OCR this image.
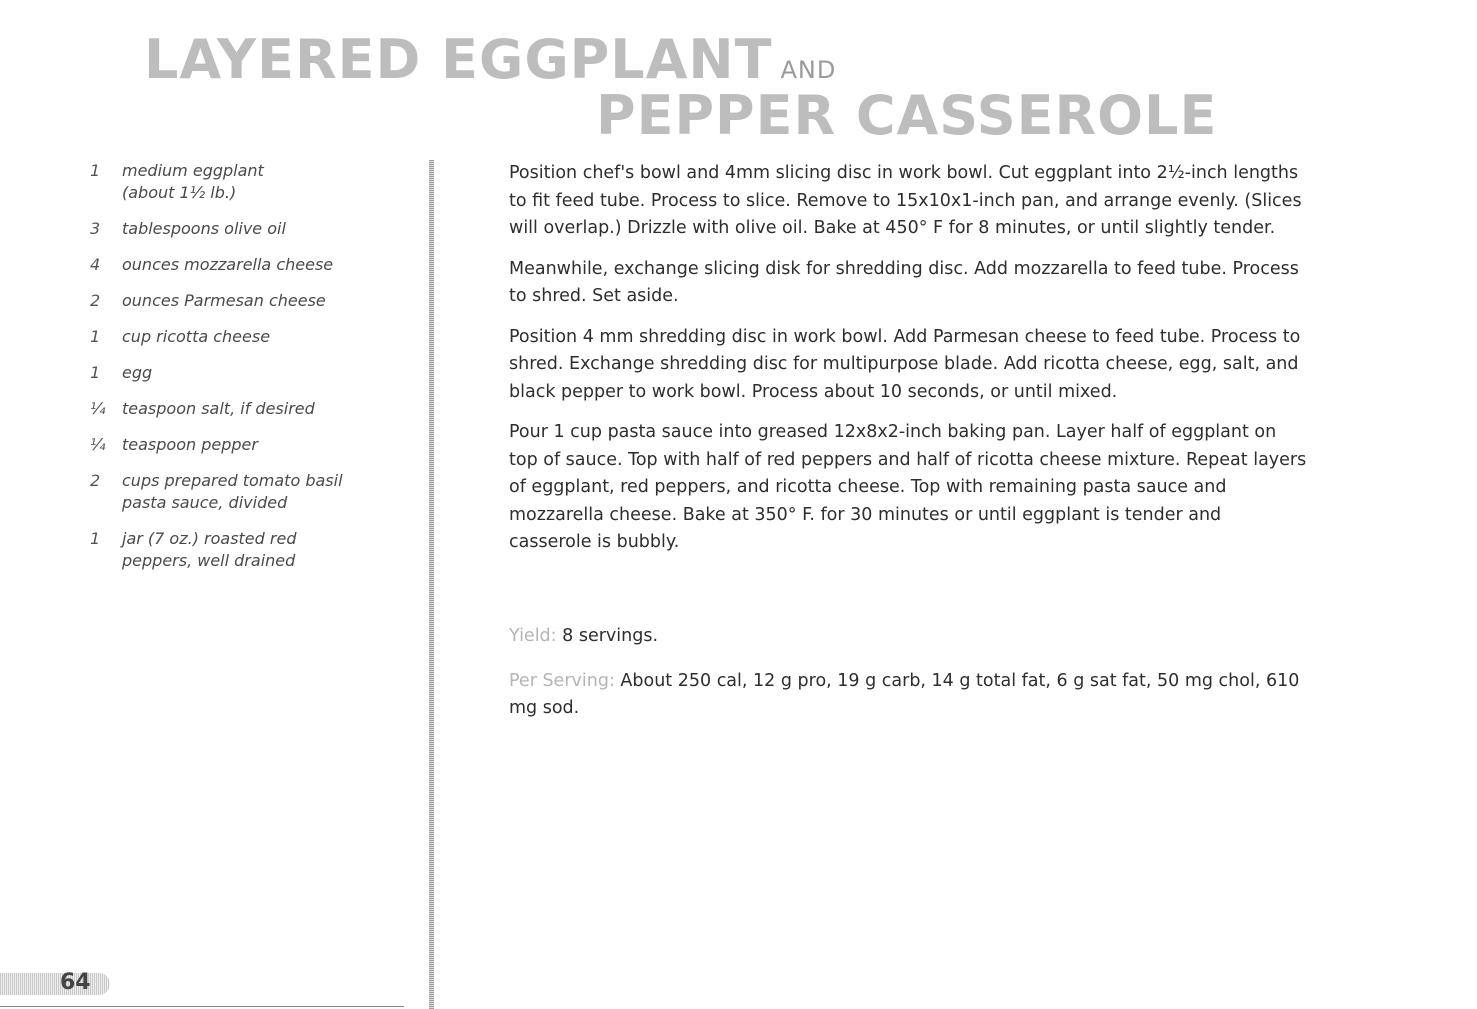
LAYERED EGGPLANT AND
PEPPER CASSEROLE
1	medium eggplant
(about 1½ lb.)
3	tablespoons olive oil
4	ounces mozzarella cheese
2	ounces Parmesan cheese
1	cup ricotta cheese
1	egg
¼	teaspoon salt, if desired
¼	teaspoon pepper
2	cups prepared tomato basil
pasta sauce, divided
1	jar (7 oz.) roasted red
peppers, well drained

Position chef's bowl and 4mm slicing disc in work bowl. Cut eggplant into 2½-inch lengths to fit feed tube. Process to slice. Remove to 15x10x1-inch pan, and arrange evenly. (Slices will overlap.) Drizzle with olive oil. Bake at 450° F for 8 minutes, or until slightly tender.

Meanwhile, exchange slicing disk for shredding disc. Add mozzarella to feed tube. Process to shred. Set aside.

Position 4 mm shredding disc in work bowl. Add Parmesan cheese to feed tube. Process to shred. Exchange shredding disc for multipurpose blade. Add ricotta cheese, egg, salt, and black pepper to work bowl. Process about 10 seconds, or until mixed.

Pour 1 cup pasta sauce into greased 12x8x2-inch baking pan. Layer half of eggplant on top of sauce. Top with half of red peppers and half of ricotta cheese mixture. Repeat layers of eggplant, red peppers, and ricotta cheese. Top with remaining pasta sauce and mozzarella cheese. Bake at 350° F. for 30 minutes or until eggplant is tender and casserole is bubbly.

Yield: 8 servings.

Per Serving: About 250 cal, 12 g pro, 19 g carb, 14 g total fat, 6 g sat fat, 50 mg chol, 610 mg sod.

64
